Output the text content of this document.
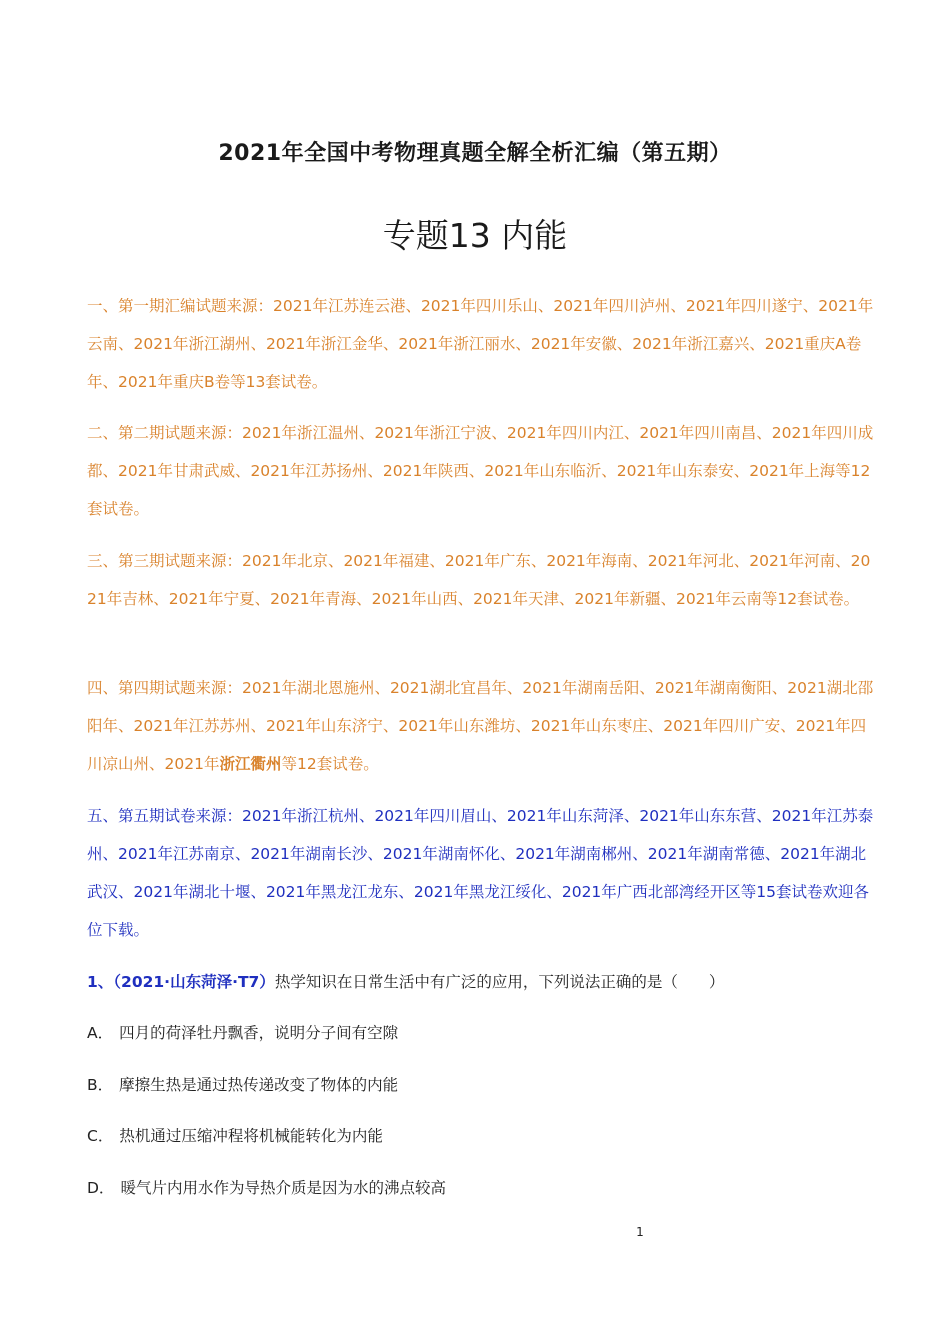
2021年全国中考物理真题全解全析汇编（第五期）
专题13 内能
一、第一期汇编试题来源：2021年江苏连云港、2021年四川乐山、2021年四川泸州、2021年四川遂宁、2021年云南、2021年浙江湖州、2021年浙江金华、2021年浙江丽水、2021年安徽、2021年浙江嘉兴、2021重庆A卷年、2021年重庆B卷等13套试卷。
二、第二期试题来源：2021年浙江温州、2021年浙江宁波、2021年四川内江、2021年四川南昌、2021年四川成都、2021年甘肃武威、2021年江苏扬州、2021年陕西、2021年山东临沂、2021年山东泰安、2021年上海等12套试卷。
三、第三期试题来源：2021年北京、2021年福建、2021年广东、2021年海南、2021年河北、2021年河南、2021年吉林、2021年宁夏、2021年青海、2021年山西、2021年天津、2021年新疆、2021年云南等12套试卷。
四、第四期试题来源：2021年湖北恩施州、2021湖北宜昌年、2021年湖南岳阳、2021年湖南衡阳、2021湖北邵阳年、2021年江苏苏州、2021年山东济宁、2021年山东潍坊、2021年山东枣庄、2021年四川广安、2021年四川凉山州、2021年浙江衢州等12套试卷。
五、第五期试卷来源：2021年浙江杭州、2021年四川眉山、2021年山东菏泽、2021年山东东营、2021年江苏泰州、2021年江苏南京、2021年湖南长沙、2021年湖南怀化、2021年湖南郴州、2021年湖南常德、2021年湖北武汉、2021年湖北十堰、2021年黑龙江龙东、2021年黑龙江绥化、2021年广西北部湾经开区等15套试卷欢迎各位下载。
1、（2021·山东菏泽·T7）热学知识在日常生活中有广泛的应用，下列说法正确的是（　　）
A． 四月的荷泽牡丹飘香，说明分子间有空隙
B． 摩擦生热是通过热传递改变了物体的内能
C． 热机通过压缩冲程将机械能转化为内能
D． 暖气片内用水作为导热介质是因为水的沸点较高
1
